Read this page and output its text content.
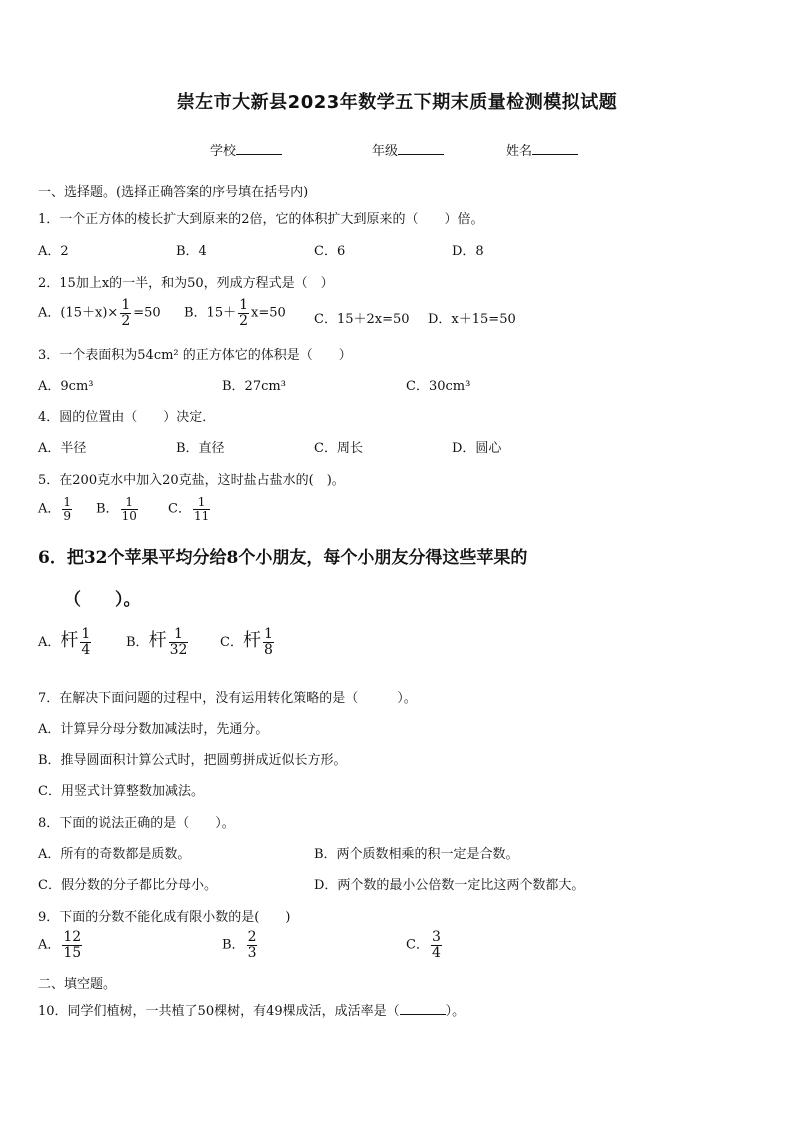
崇左市大新县2023年数学五下期末质量检测模拟试题
学校	年级	姓名
一、选择题。(选择正确答案的序号填在括号内)
1．一个正方体的棱长扩大到原来的2倍，它的体积扩大到原来的（　　）倍。
A．2	B．4	C．6	D．8
2．15加上x的一半，和为50，列成方程式是（　）
A．$(15+x)\times \frac{1}{2} =50$ B．$15+ \frac{1}{2} x=50$ C．15＋2x=50 D．x＋15=50
3．一个表面积为54cm² 的正方体它的体积是（　　）
A．9cm³	B．27cm³	C．30cm³
4．圆的位置由（　　）决定．
A．半径	B．直径	C．周长	D．圆心
5．在200克水中加入20克盐，这时盐占盐水的(　)。
A． $\frac{1}{9}$ B． $\frac{1}{10}$ C． $\frac{1}{11}$
6．把32个苹果平均分给8个小朋友，每个小朋友分得这些苹果的
（　　）。
A．杆 $\frac{1}{4}$	B．杆 $\frac{1}{32}$ C．杆 $\frac{1}{8}$
7．在解决下面问题的过程中，没有运用转化策略的是（　　　）。
A．计算异分母分数加减法时，先通分。
B．推导圆面积计算公式时，把圆剪拼成近似长方形。
C．用竖式计算整数加减法。
8．下面的说法正确的是（　　）。
A．所有的奇数都是质数。	B．两个质数相乘的积一定是合数。
C．假分数的分子都比分母小。	D．两个数的最小公倍数一定比这两个数都大。
9．下面的分数不能化成有限小数的是(　　)
A． $\frac{12}{15}$	B． $\frac{2}{3}$	C． $\frac{3}{4}$
二、填空题。
10．同学们植树，一共植了50棵树，有49棵成活，成活率是（	）。
